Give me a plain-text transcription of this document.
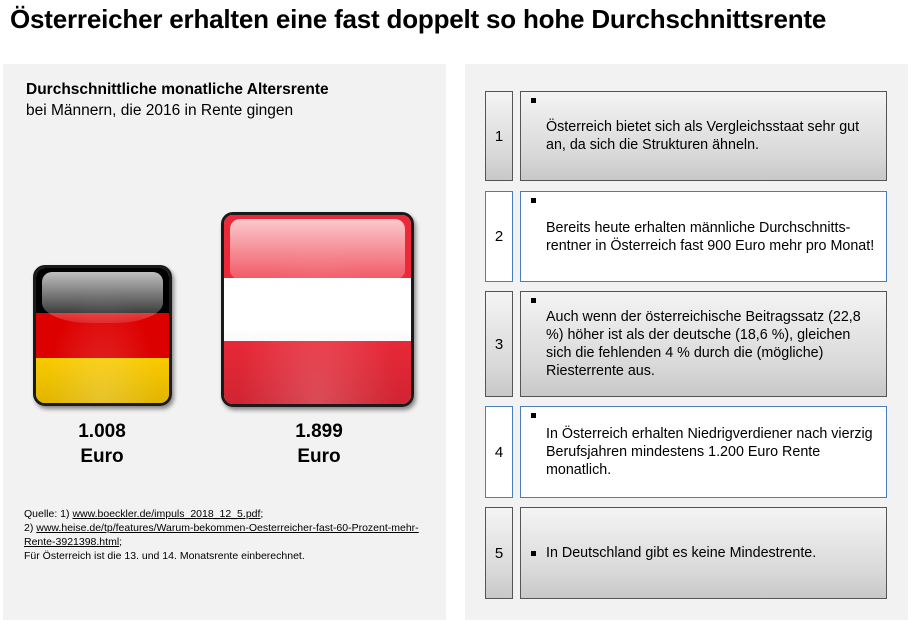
Österreicher erhalten eine fast doppelt so hohe Durchschnittsrente
Durchschnittliche monatliche Altersrente
bei Männern, die 2016 in Rente gingen
1.008
Euro
1.899
Euro
Quelle: 1) www.boeckler.de/impuls_2018_12_5.pdf;
2) www.heise.de/tp/features/Warum-bekommen-Oesterreicher-fast-60-Prozent-mehr-Rente-3921398.html;
Für Österreich ist die 13. und 14. Monatsrente einberechnet.
1
Österreich bietet sich als Vergleichsstaat sehr gut an, da sich die Strukturen ähneln.
2
Bereits heute erhalten männliche Durchschnitts-rentner in Österreich fast 900 Euro mehr pro Monat!
3
Auch wenn der österreichische Beitragssatz (22,8 %) höher ist als der deutsche (18,6 %), gleichen sich die fehlenden 4 % durch die (mögliche) Riesterrente aus.
4
In Österreich erhalten Niedrigverdiener nach vierzig Berufsjahren mindestens 1.200 Euro Rente monatlich.
5	In Deutschland gibt es keine Mindestrente.
